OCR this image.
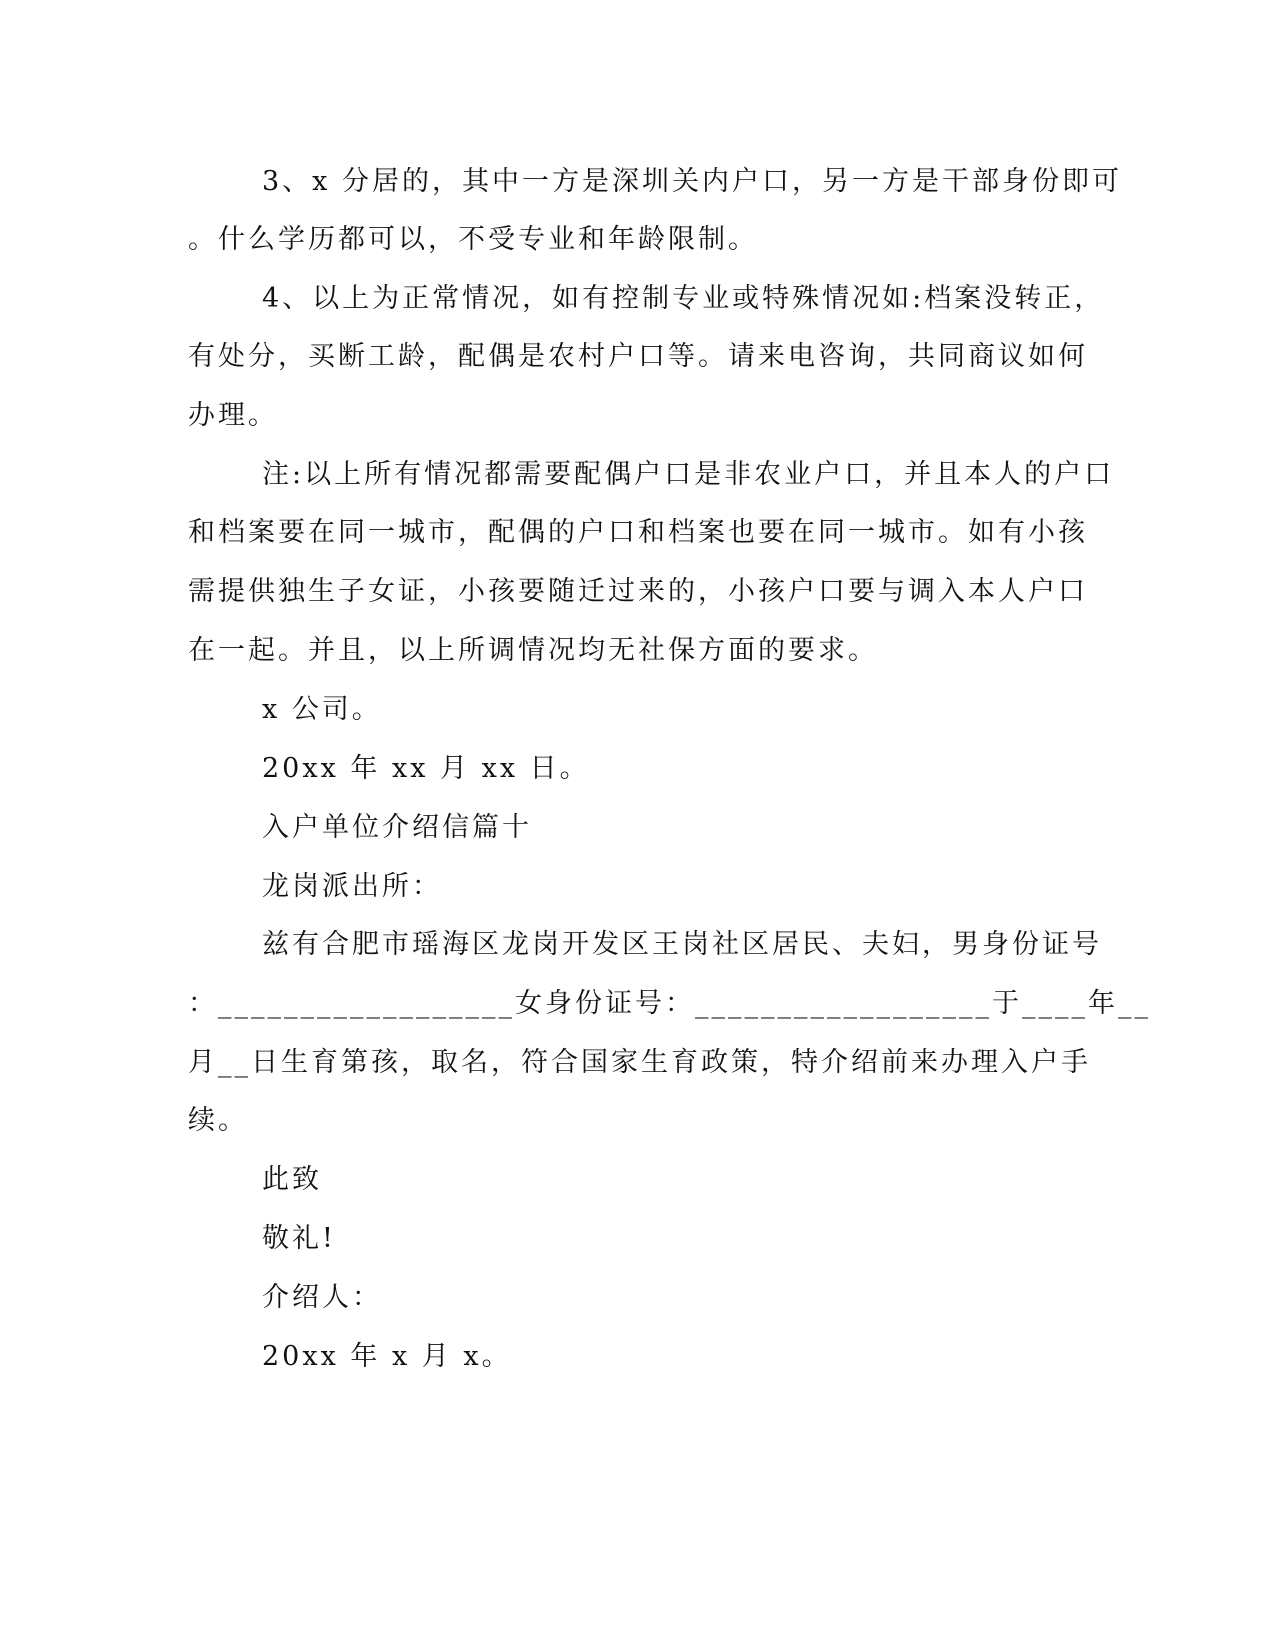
3、x 分居的，其中一方是深圳关内户口，另一方是干部身份即可
。什么学历都可以，不受专业和年龄限制。
4、以上为正常情况，如有控制专业或特殊情况如:档案没转正，
有处分，买断工龄，配偶是农村户口等。请来电咨询，共同商议如何
办理。
注:以上所有情况都需要配偶户口是非农业户口，并且本人的户口
和档案要在同一城市，配偶的户口和档案也要在同一城市。如有小孩
需提供独生子女证，小孩要随迁过来的，小孩户口要与调入本人户口
在一起。并且，以上所调情况均无社保方面的要求。
x 公司。
20xx 年 xx 月 xx 日。
入户单位介绍信篇十
龙岗派出所：
兹有合肥市瑶海区龙岗开发区王岗社区居民、夫妇，男身份证号
：__________________女身份证号：__________________于____年__
月__日生育第孩，取名，符合国家生育政策，特介绍前来办理入户手
续。
此致
敬礼!
介绍人：
20xx 年 x 月 x。
